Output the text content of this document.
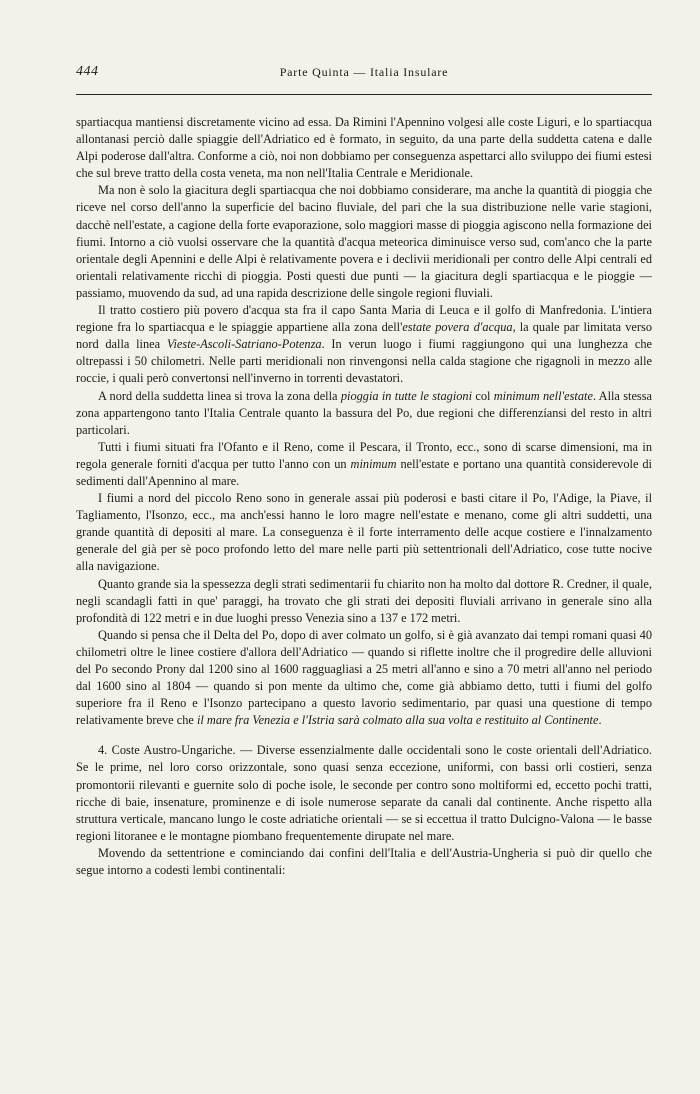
444	Parte Quinta — Italia Insulare

spartiacqua mantiensi discretamente vicino ad essa. Da Rimini l'Apennino volgesi alle coste Liguri, e lo spartiacqua allontanasi perciò dalle spiaggie dell'Adriatico ed è formato, in seguito, da una parte della suddetta catena e dalle Alpi poderose dall'altra. Conforme a ciò, noi non dobbiamo per conseguenza aspettarci allo sviluppo dei fiumi estesi che sul breve tratto della costa veneta, ma non nell'Italia Centrale e Meridionale.

Ma non è solo la giacitura degli spartiacqua che noi dobbiamo considerare, ma anche la quantità di pioggia che riceve nel corso dell'anno la superficie del bacino fluviale, del pari che la sua distribuzione nelle varie stagioni, dacchè nell'estate, a cagione della forte evaporazione, solo maggiori masse di pioggia agiscono nella formazione dei fiumi. Intorno a ciò vuolsi osservare che la quantità d'acqua meteorica diminuisce verso sud, com'anco che la parte orientale degli Apennini e delle Alpi è relativamente povera e i declivii meridionali per contro delle Alpi centrali ed orientali relativamente ricchi di pioggia. Posti questi due punti — la giacitura degli spartiacqua e le pioggie — passiamo, muovendo da sud, ad una rapida descrizione delle singole regioni fluviali.

Il tratto costiero più povero d'acqua sta fra il capo Santa Maria di Leuca e il golfo di Manfredonia. L'intiera regione fra lo spartiacqua e le spiaggie appartiene alla zona dell'estate povera d'acqua, la quale par limitata verso nord dalla linea Vieste-Ascoli-Satriano-Potenza. In verun luogo i fiumi raggiungono qui una lunghezza che oltrepassi i 50 chilometri. Nelle parti meridionali non rinvengonsi nella calda stagione che rigagnoli in mezzo alle roccie, i quali però convertonsi nell'inverno in torrenti devastatori.

A nord della suddetta linea si trova la zona della pioggia in tutte le stagioni col minimum nell'estate. Alla stessa zona appartengono tanto l'Italia Centrale quanto la bassura del Po, due regioni che differenzíansi del resto in altri particolari.

Tutti i fiumi situati fra l'Ofanto e il Reno, come il Pescara, il Tronto, ecc., sono di scarse dimensioni, ma in regola generale forniti d'acqua per tutto l'anno con un minimum nell'estate e portano una quantità considerevole di sedimenti dall'Apennino al mare.

I fiumi a nord del piccolo Reno sono in generale assai più poderosi e basti citare il Po, l'Adige, la Piave, il Tagliamento, l'Isonzo, ecc., ma anch'essi hanno le loro magre nell'estate e menano, come gli altri suddetti, una grande quantità di depositi al mare. La conseguenza è il forte interramento delle acque costiere e l'innalzamento generale del già per sè poco profondo letto del mare nelle parti più settentrionali dell'Adriatico, cose tutte nocive alla navigazione.

Quanto grande sia la spessezza degli strati sedimentarii fu chiarito non ha molto dal dottore R. Credner, il quale, negli scandagli fatti in que' paraggi, ha trovato che gli strati dei depositi fluviali arrivano in generale sino alla profondità di 122 metri e in due luoghi presso Venezia sino a 137 e 172 metri.

Quando si pensa che il Delta del Po, dopo di aver colmato un golfo, si è già avanzato dai tempi romani quasi 40 chilometri oltre le linee costiere d'allora dell'Adriatico — quando si riflette inoltre che il progredire delle alluvioni del Po secondo Prony dal 1200 sino al 1600 ragguagliasi a 25 metri all'anno e sino a 70 metri all'anno nel periodo dal 1600 sino al 1804 — quando si pon mente da ultimo che, come già abbiamo detto, tutti i fiumi del golfo superiore fra il Reno e l'Isonzo partecipano a questo lavorio sedimentario, par quasi una questione di tempo relativamente breve che il mare fra Venezia e l'Istria sarà colmato alla sua volta e restituito al Continente.

4. Coste Austro-Ungariche. — Diverse essenzialmente dalle occidentali sono le coste orientali dell'Adriatico. Se le prime, nel loro corso orizzontale, sono quasi senza eccezione, uniformi, con bassi orli costieri, senza promontorii rilevanti e guernite solo di poche isole, le seconde per contro sono moltiformi ed, eccetto pochi tratti, ricche di baie, insenature, prominenze e di isole numerose separate da canali dal continente. Anche rispetto alla struttura verticale, mancano lungo le coste adriatiche orientali — se si eccettua il tratto Dulcigno-Valona — le basse regioni litoranee e le montagne piombano frequentemente dirupate nel mare.

Movendo da settentrione e cominciando dai confini dell'Italia e dell'Austria-Ungheria si può dir quello che segue intorno a codesti lembi continentali:
